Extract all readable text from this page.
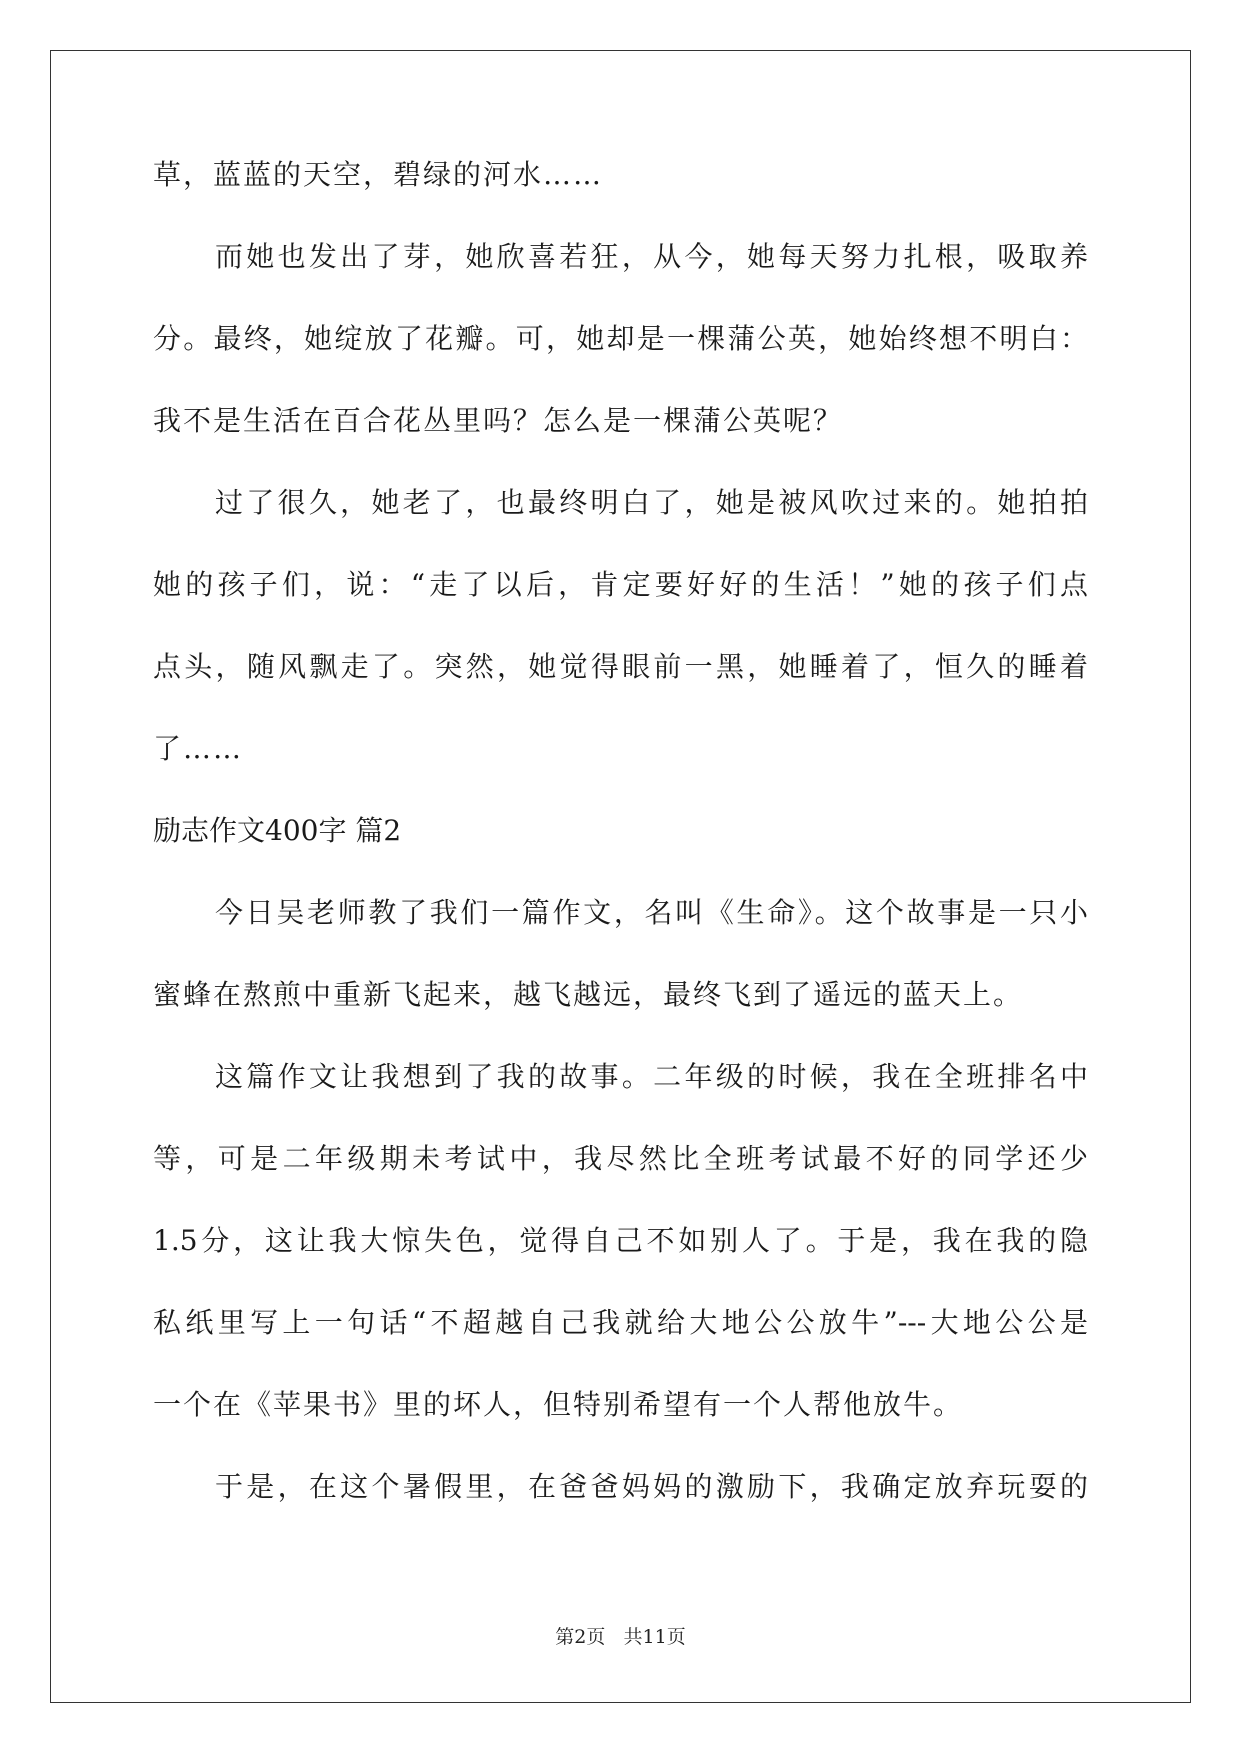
草，蓝蓝的天空，碧绿的河水……
而她也发出了芽，她欣喜若狂，从今，她每天努力扎根，吸取养
分。最终，她绽放了花瓣。可，她却是一棵蒲公英，她始终想不明白：
我不是生活在百合花丛里吗？怎么是一棵蒲公英呢？
过了很久，她老了，也最终明白了，她是被风吹过来的。她拍拍
她的孩子们，说：“走了以后，肯定要好好的生活！”她的孩子们点
点头，随风飘走了。突然，她觉得眼前一黑，她睡着了，恒久的睡着
了……
励志作文400字 篇2
今日吴老师教了我们一篇作文，名叫《生命》。这个故事是一只小
蜜蜂在熬煎中重新飞起来，越飞越远，最终飞到了遥远的蓝天上。
这篇作文让我想到了我的故事。二年级的时候，我在全班排名中
等，可是二年级期未考试中，我尽然比全班考试最不好的同学还少
1.5分，这让我大惊失色，觉得自己不如别人了。于是，我在我的隐
私纸里写上一句话“不超越自己我就给大地公公放牛”---大地公公是
一个在《苹果书》里的坏人，但特别希望有一个人帮他放牛。
于是，在这个暑假里，在爸爸妈妈的激励下，我确定放弃玩耍的
第2页 共11页
